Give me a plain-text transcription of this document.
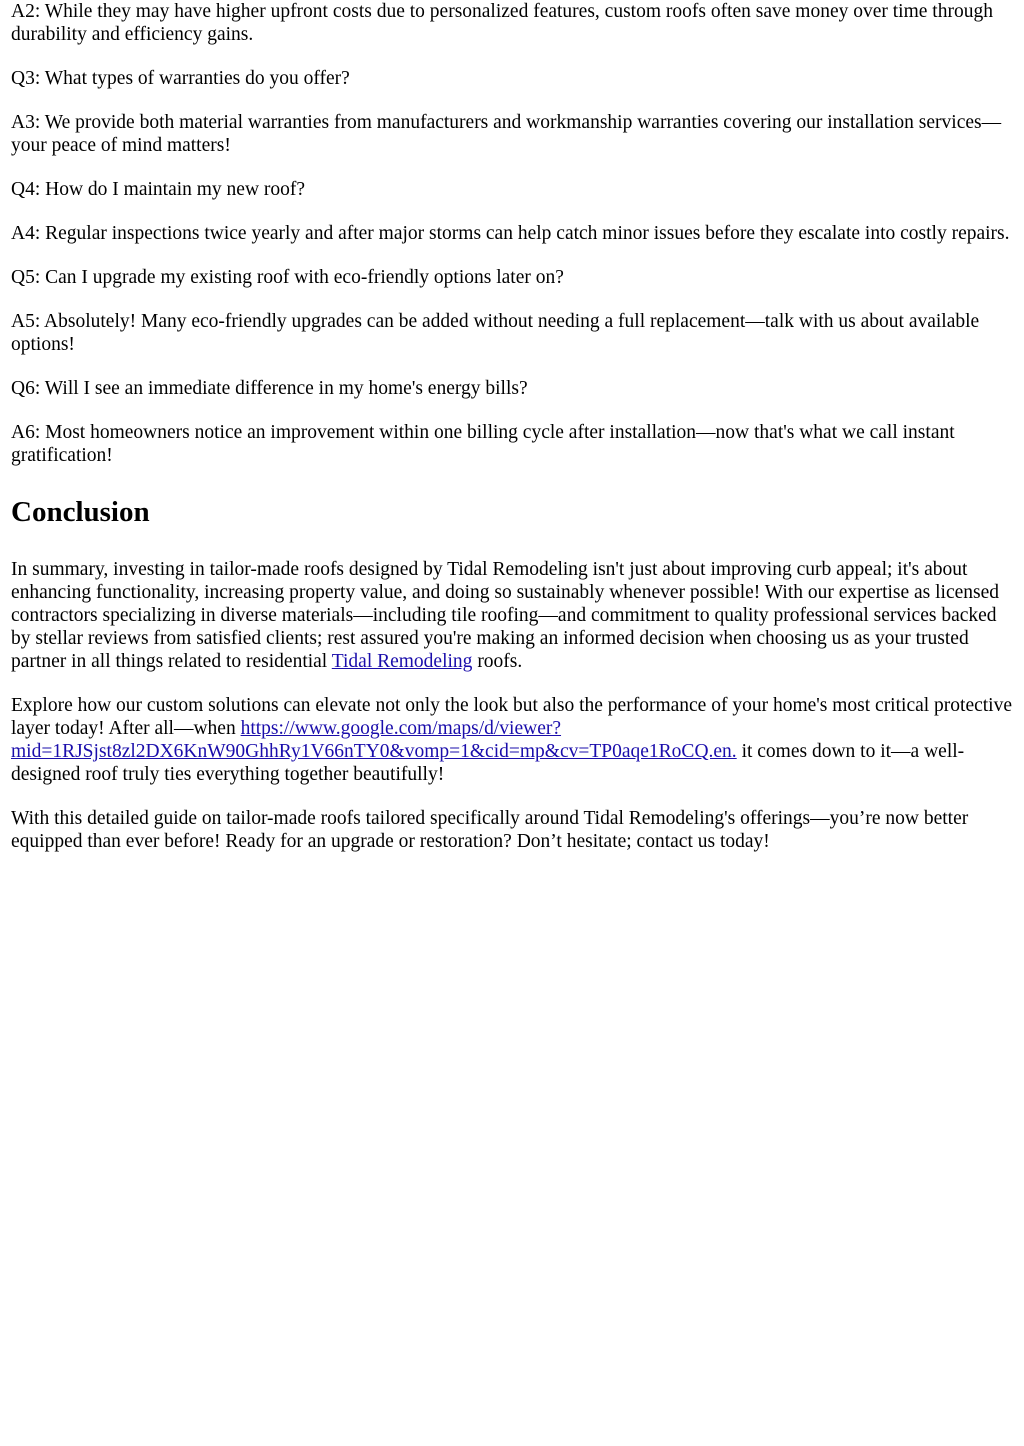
A2: While they may have higher upfront costs due to personalized features, custom roofs often save money over time through durability and efficiency gains.

Q3: What types of warranties do you offer?

A3: We provide both material warranties from manufacturers and workmanship warranties covering our installation services—your peace of mind matters!

Q4: How do I maintain my new roof?

A4: Regular inspections twice yearly and after major storms can help catch minor issues before they escalate into costly repairs.

Q5: Can I upgrade my existing roof with eco-friendly options later on?

A5: Absolutely! Many eco-friendly upgrades can be added without needing a full replacement—talk with us about available options!

Q6: Will I see an immediate difference in my home's energy bills?

A6: Most homeowners notice an improvement within one billing cycle after installation—now that's what we call instant gratification!

Conclusion

In summary, investing in tailor-made roofs designed by Tidal Remodeling isn't just about improving curb appeal; it's about enhancing functionality, increasing property value, and doing so sustainably whenever possible! With our expertise as licensed contractors specializing in diverse materials—including tile roofing—and commitment to quality professional services backed by stellar reviews from satisfied clients; rest assured you're making an informed decision when choosing us as your trusted partner in all things related to residential Tidal Remodeling roofs.

Explore how our custom solutions can elevate not only the look but also the performance of your home's most critical protective layer today! After all—when https://www.google.com/maps/d/viewer?
mid=1RJSjst8zl2DX6KnW90GhhRy1V66nTY0&vomp=1&cid=mp&cv=TP0aqe1RoCQ.en. it comes down to it—a well-designed roof truly ties everything together beautifully!

With this detailed guide on tailor-made roofs tailored specifically around Tidal Remodeling's offerings—you’re now better equipped than ever before! Ready for an upgrade or restoration? Don’t hesitate; contact us today!
